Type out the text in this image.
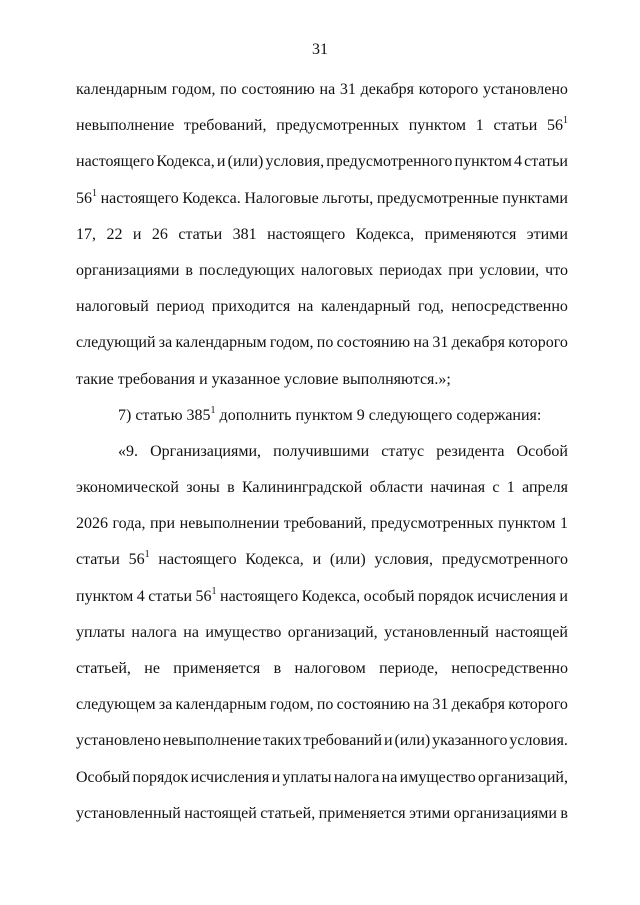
31
календарным годом, по состоянию на 31 декабря которого установлено
невыполнение требований, предусмотренных пунктом 1 статьи $56^1$
настоящего Кодекса, и (или) условия, предусмотренного пунктом 4 статьи
$56^1$ настоящего Кодекса. Налоговые льготы, предусмотренные пунктами
17, 22 и 26 статьи 381 настоящего Кодекса, применяются этими
организациями в последующих налоговых периодах при условии, что
налоговый период приходится на календарный год, непосредственно
следующий за календарным годом, по состоянию на 31 декабря которого
такие требования и указанное условие выполняются.»;
7) статью $385^1$ дополнить пунктом 9 следующего содержания:
«9. Организациями, получившими статус резидента Особой
экономической зоны в Калининградской области начиная с 1 апреля
2026 года, при невыполнении требований, предусмотренных пунктом 1
статьи $56^1$ настоящего Кодекса, и (или) условия, предусмотренного
пунктом 4 статьи $56^1$ настоящего Кодекса, особый порядок исчисления и
уплаты налога на имущество организаций, установленный настоящей
статьей, не применяется в налоговом периоде, непосредственно
следующем за календарным годом, по состоянию на 31 декабря которого
установлено невыполнение таких требований и (или) указанного условия.
Особый порядок исчисления и уплаты налога на имущество организаций,
установленный настоящей статьей, применяется этими организациями в
